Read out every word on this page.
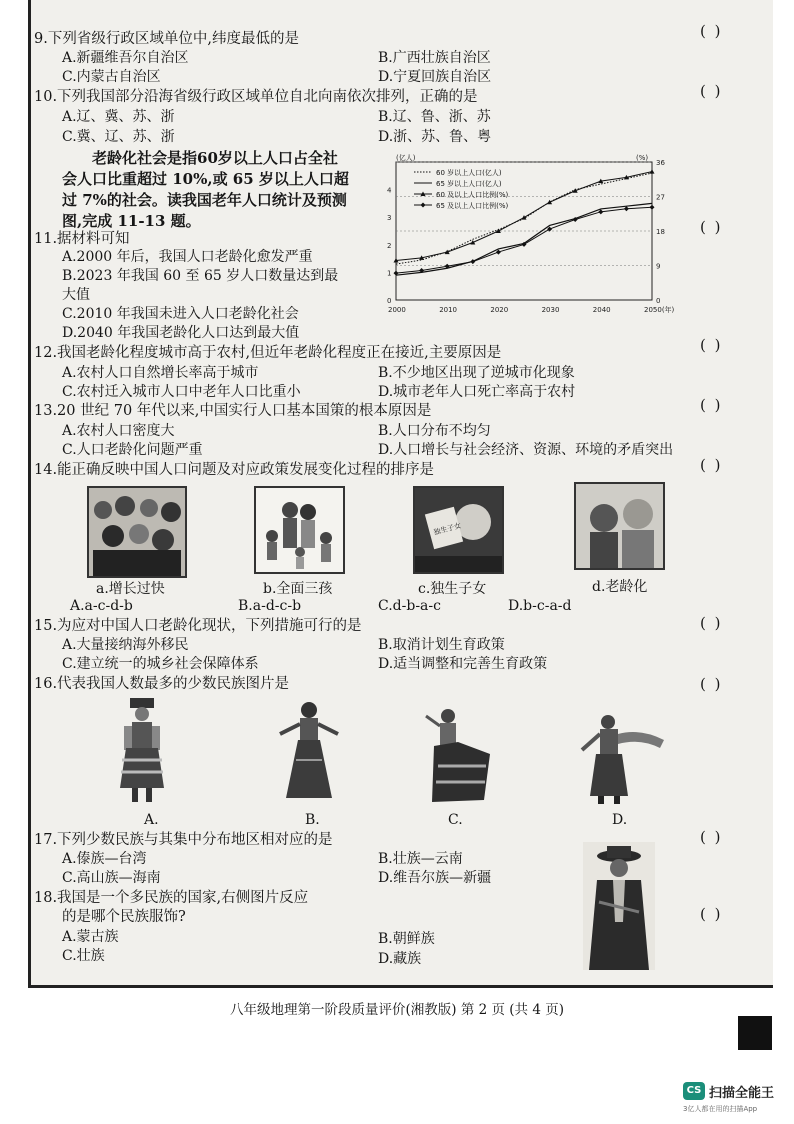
9.下列省级行政区域单位中,纬度最低的是	( )
A.新疆维吾尔自治区	B.广西壮族自治区
C.内蒙古自治区	D.宁夏回族自治区
10.下列我国部分沿海省级行政区域单位自北向南依次排列，正确的是	( )
A.辽、冀、苏、浙	B.辽、鲁、浙、苏
C.冀、辽、苏、浙	D.浙、苏、鲁、粤
老龄化社会是指60岁以上人口占全社
会人口比重超过 10%,或 65 岁以上人口超
过 7%的社会。读我国老年人口统计及预测
图,完成 11-13 题。
0
9
18
27
36
0
1
2
3
4
(亿人)	(%)
2000	2010	2020	2030	2040	2050(年)
60 岁以上人口(亿人)
65 岁以上人口(亿人)
60 及以上人口比例(%)
65 及以上人口比例(%)
11.据材料可知
( )
A.2000 年后，我国人口老龄化愈发严重
B.2023 年我国 60 至 65 岁人口数量达到最
大值
C.2010 年我国未进入人口老龄化社会
D.2040 年我国老龄化人口达到最大值
12.我国老龄化程度城市高于农村,但近年老龄化程度正在接近,主要原因是	( )
A.农村人口自然增长率高于城市	B.不少地区出现了逆城市化现象
C.农村迁入城市人口中老年人口比重小	D.城市老年人口死亡率高于农村
13.20 世纪 70 年代以来,中国实行人口基本国策的根本原因是	( )
A.农村人口密度大	B.人口分布不均匀
C.人口老龄化问题严重	D.人口增长与社会经济、资源、环境的矛盾突出
14.能正确反映中国人口问题及对应政策发展变化过程的排序是	( )
独生子女
a.增长过快	b.全面三孩	c.独生子女	d.老龄化
A.a-c-d-b	B.a-d-c-b	C.d-b-a-c	D.b-c-a-d
15.为应对中国人口老龄化现状，下列措施可行的是	( )
A.大量接纳海外移民	B.取消计划生育政策
C.建立统一的城乡社会保障体系	D.适当调整和完善生育政策
16.代表我国人数最多的少数民族图片是	( )
A.	B.	C.	D.
17.下列少数民族与其集中分布地区相对应的是	( )
A.傣族—台湾	B.壮族—云南
C.高山族—海南	D.维吾尔族—新疆
18.我国是一个多民族的国家,右侧图片反应
的是哪个民族服饰?	( )
A.蒙古族	B.朝鲜族
C.壮族	D.藏族
八年级地理第一阶段质量评价(湘教版) 第 2 页 (共 4 页)
CS 扫描全能王
3亿人都在用的扫描App
